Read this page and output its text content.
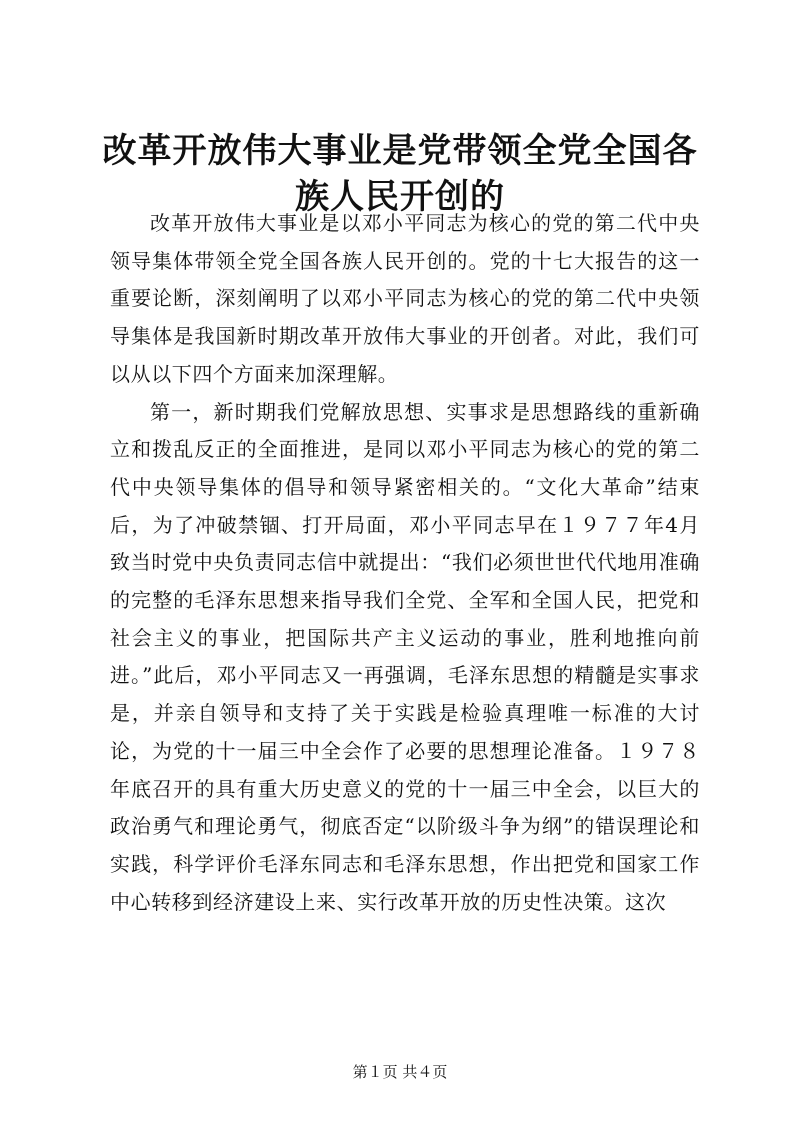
改革开放伟大事业是党带领全党全国各族人民开创的

改革开放伟大事业是以邓小平同志为核心的党的第二代中央领导集体带领全党全国各族人民开创的。党的十七大报告的这一重要论断，深刻阐明了以邓小平同志为核心的党的第二代中央领导集体是我国新时期改革开放伟大事业的开创者。对此，我们可以从以下四个方面来加深理解。

第一，新时期我们党解放思想、实事求是思想路线的重新确立和拨乱反正的全面推进，是同以邓小平同志为核心的党的第二代中央领导集体的倡导和领导紧密相关的。“文化大革命”结束后，为了冲破禁锢、打开局面，邓小平同志早在１９７７年4月致当时党中央负责同志信中就提出：“我们必须世世代代地用准确的完整的毛泽东思想来指导我们全党、全军和全国人民，把党和社会主义的事业，把国际共产主义运动的事业，胜利地推向前进。”此后，邓小平同志又一再强调，毛泽东思想的精髓是实事求是，并亲自领导和支持了关于实践是检验真理唯一标准的大讨论，为党的十一届三中全会作了必要的思想理论准备。１９７８年底召开的具有重大历史意义的党的十一届三中全会，以巨大的政治勇气和理论勇气，彻底否定“以阶级斗争为纲”的错误理论和实践，科学评价毛泽东同志和毛泽东思想，作出把党和国家工作中心转移到经济建设上来、实行改革开放的历史性决策。这次

第１页 共４页
